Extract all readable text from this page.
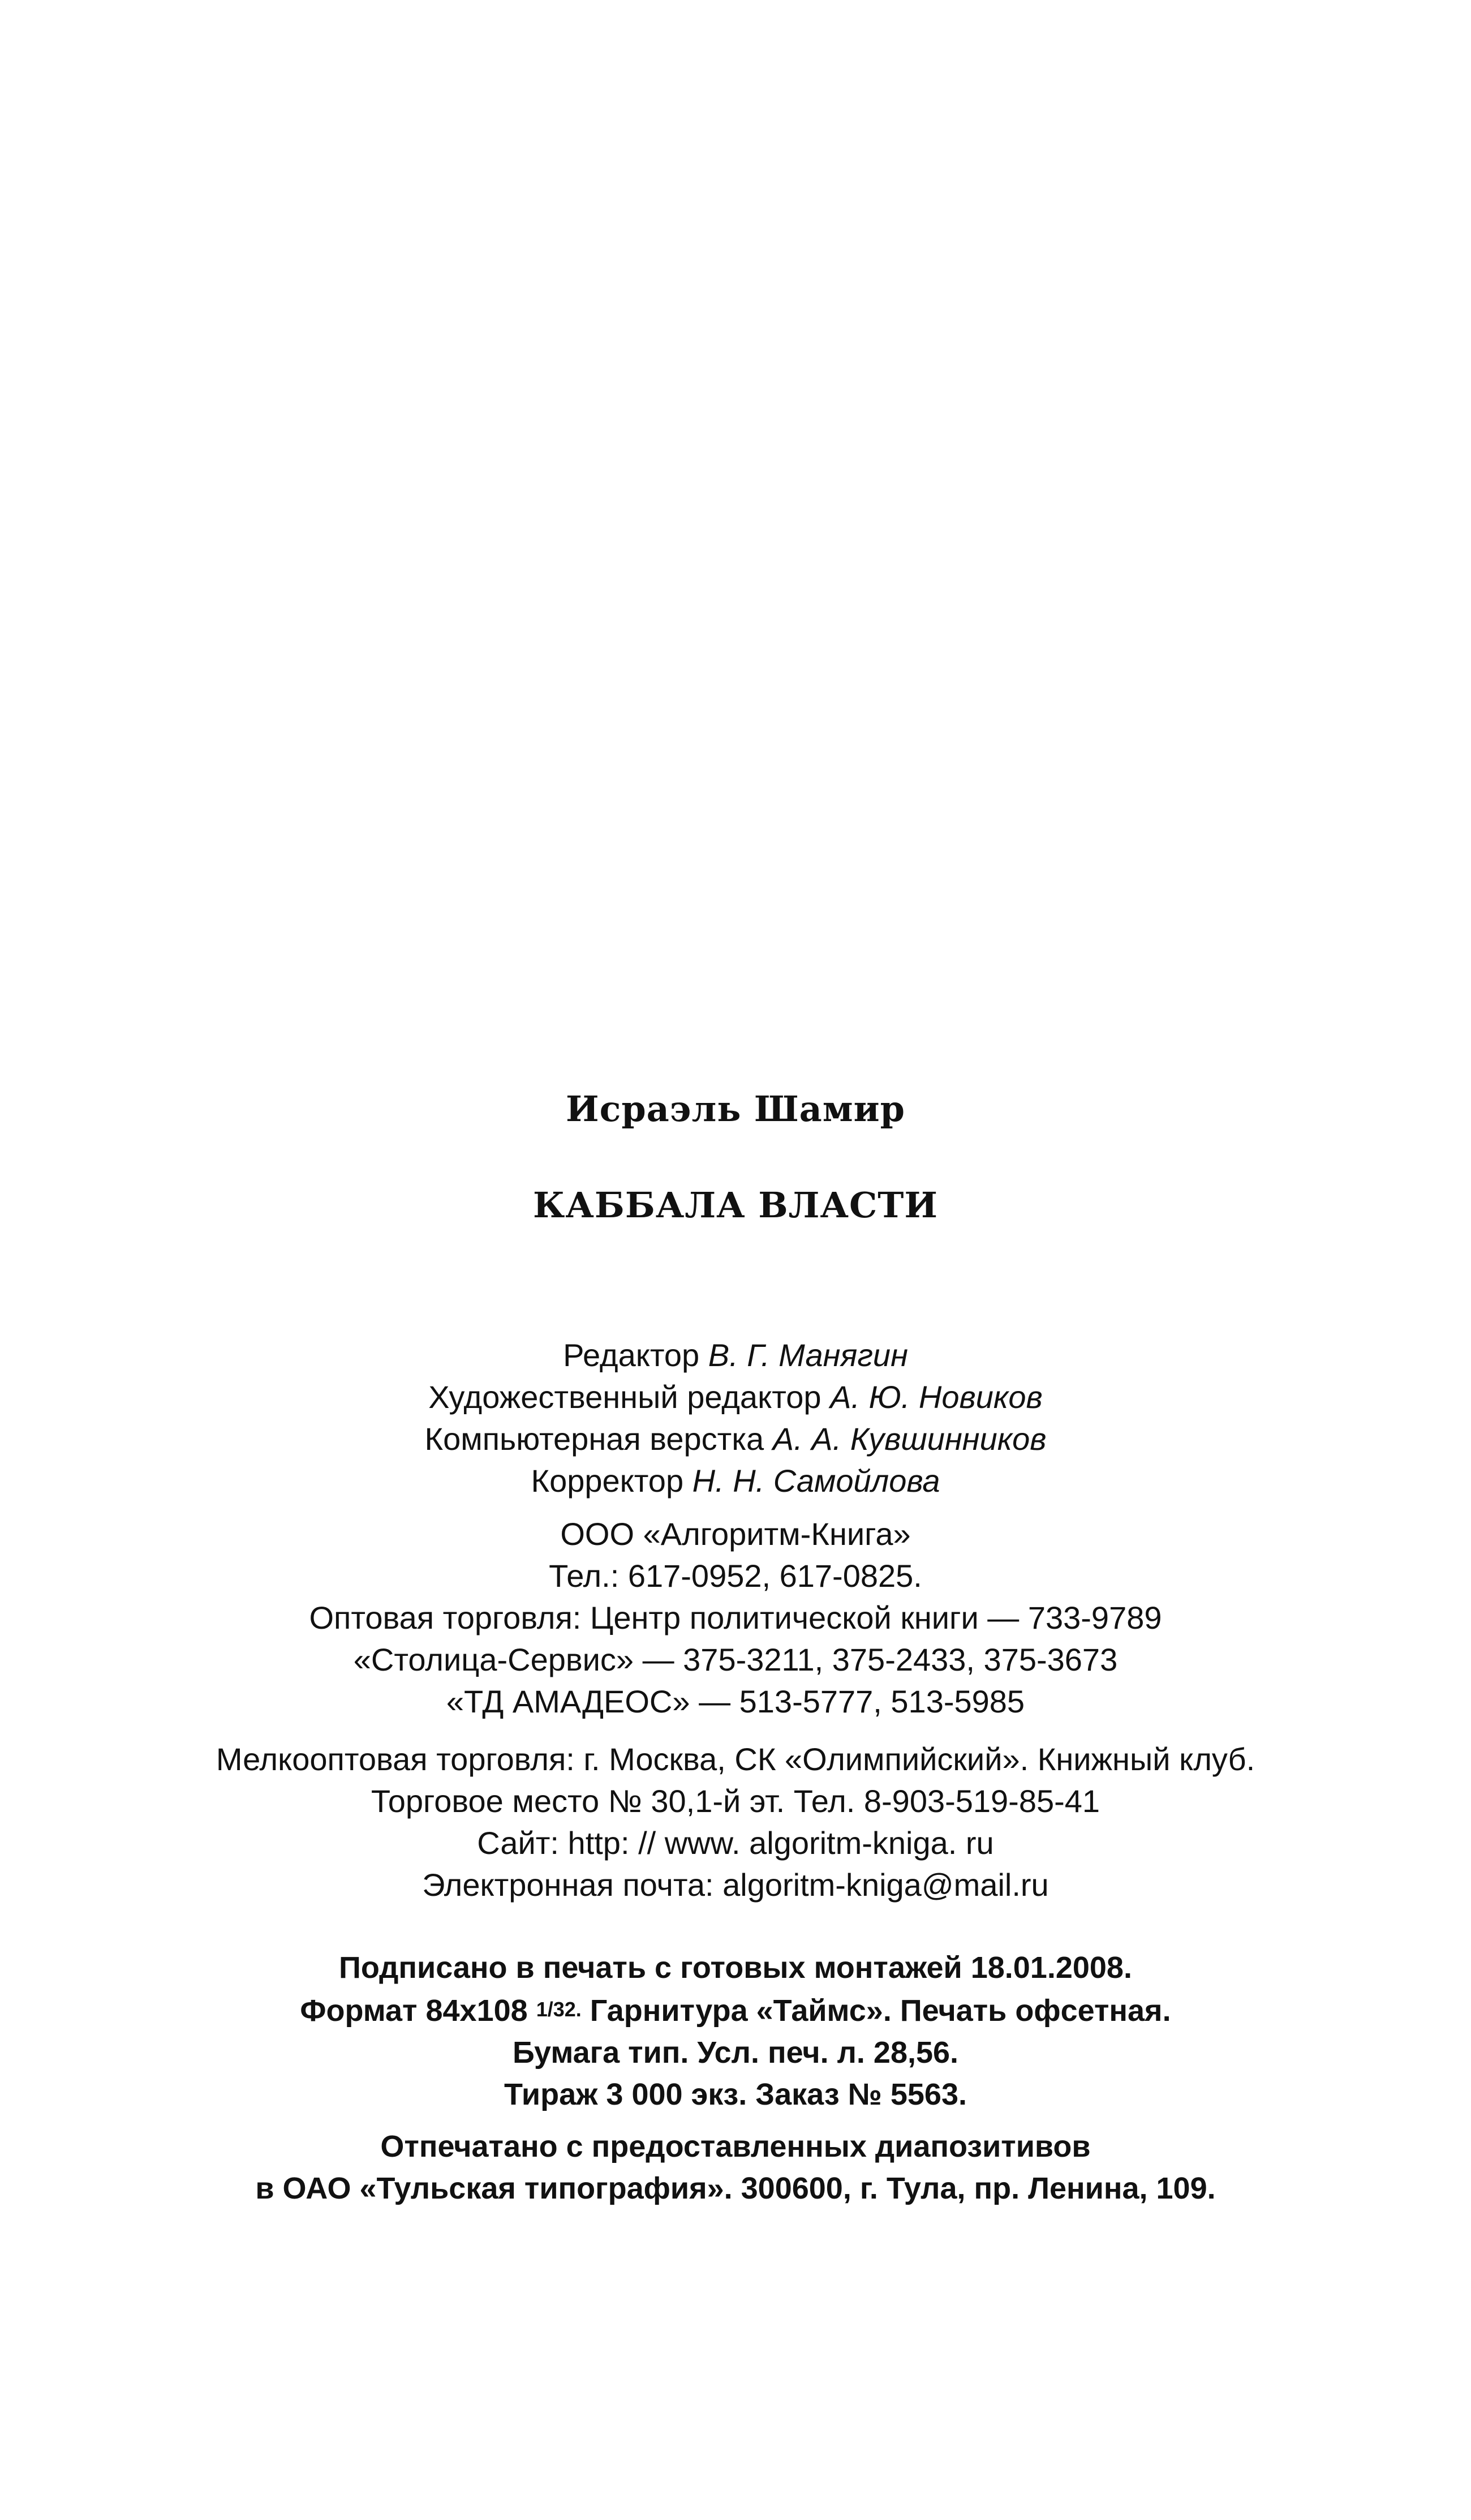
Исраэль Шамир
КАББАЛА ВЛАСТИ
Редактор В. Г. Манягин
Художественный редактор А. Ю. Новиков
Компьютерная верстка А. А. Кувшинников
Корректор Н. Н. Самойлова
ООО «Алгоритм-Книга»
Тел.: 617-0952, 617-0825.
Оптовая торговля: Центр политической книги — 733-9789
«Столица-Сервис» — 375-3211, 375-2433, 375-3673
«ТД АМАДЕОС» — 513-5777, 513-5985
Мелкооптовая торговля: г. Москва, СК «Олимпийский». Книжный клуб.
Торговое место № 30,1-й эт. Тел. 8-903-519-85-41
Сайт: http: // www. algoritm-kniga. ru
Электронная почта: algoritm-kniga@mail.ru
Подписано в печать с готовых монтажей 18.01.2008.
Формат 84x108 1/32. Гарнитура «Таймс». Печать офсетная.
Бумага тип. Усл. печ. л. 28,56.
Тираж 3 000 экз. Заказ № 5563.
Отпечатано с предоставленных диапозитивов
в ОАО «Тульская типография». 300600, г. Тула, пр. Ленина, 109.
